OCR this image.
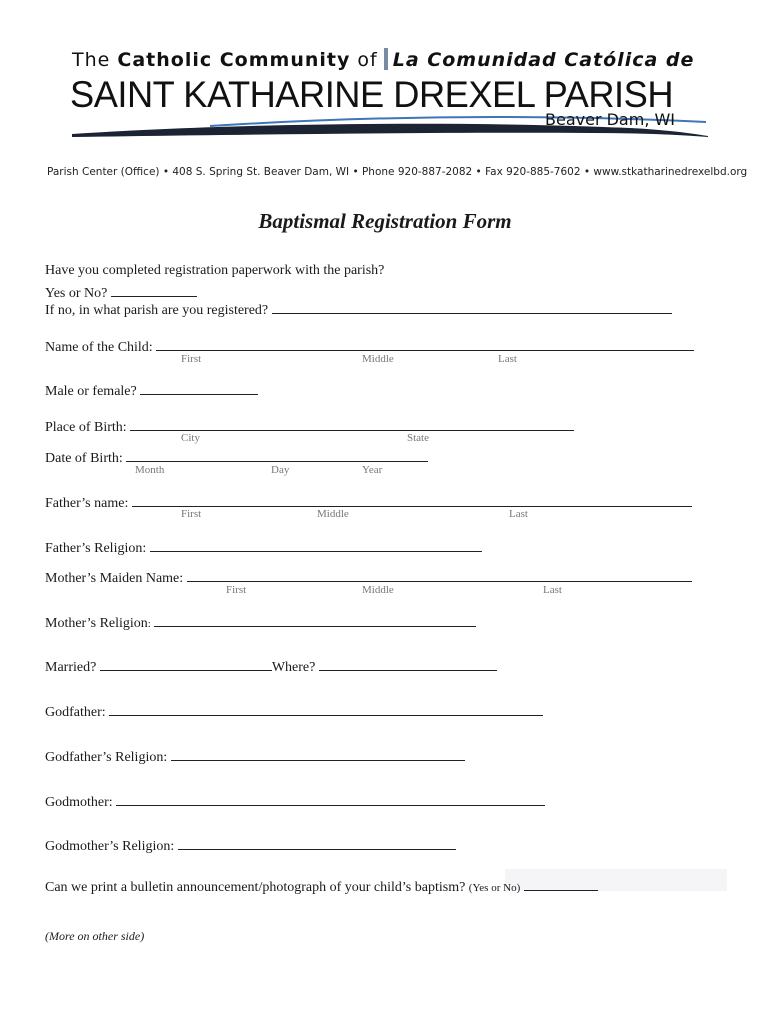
The Catholic Community of La Comunidad Católica de
SAINT KATHARINE DREXEL PARISH
Beaver Dam, WI
Parish Center (Office) • 408 S. Spring St. Beaver Dam, WI • Phone 920-887-2082 • Fax 920-885-7602 • www.stkatharinedrexelbd.org
Baptismal Registration Form
Have you completed registration paperwork with the parish?
Yes or No?
If no, in what parish are you registered?
Name of the Child:
First	Middle	Last
Male or female?
Place of Birth:
City	State
Date of Birth:
Month	Day	Year
Father’s name:
First	Middle	Last
Father’s Religion:
Mother’s Maiden Name:
First	Middle	Last
Mother’s Religion:
Married?	Where?
Godfather:
Godfather’s Religion:
Godmother:
Godmother’s Religion:
Can we print a bulletin announcement/photograph of your child’s baptism? (Yes or No)
(More on other side)
